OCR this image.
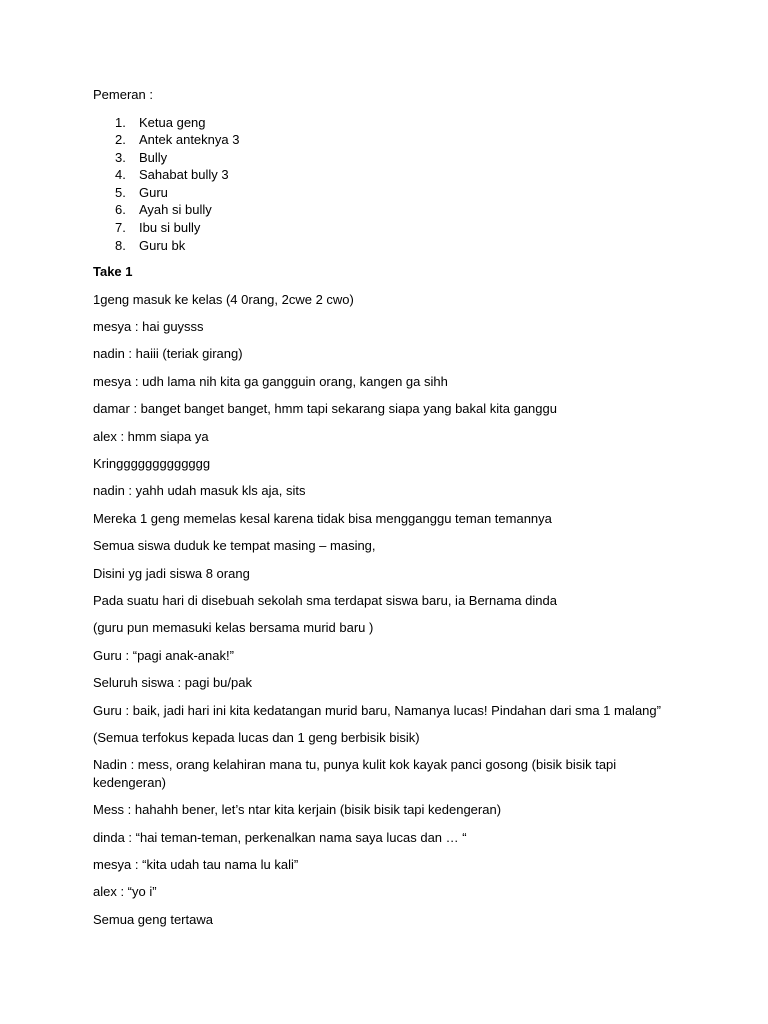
Pemeran :
1. Ketua geng
2. Antek anteknya 3
3. Bully
4. Sahabat bully 3
5. Guru
6. Ayah si bully
7. Ibu si bully
8. Guru bk
Take 1
1geng masuk ke kelas (4 0rang, 2cwe 2 cwo)
mesya : hai guysss
nadin : haiii (teriak girang)
mesya : udh lama nih kita ga gangguin orang, kangen ga sihh
damar : banget banget banget, hmm tapi sekarang siapa yang bakal kita ganggu
alex : hmm siapa ya
Kringgggggggggggg
nadin : yahh udah masuk kls aja, sits
Mereka 1 geng memelas kesal karena tidak bisa mengganggu teman temannya
Semua siswa duduk ke tempat masing – masing,
Disini yg jadi siswa 8 orang
Pada suatu hari di disebuah sekolah sma terdapat siswa baru, ia Bernama dinda
(guru pun memasuki kelas bersama murid baru )
Guru : “pagi anak-anak!”
Seluruh siswa : pagi bu/pak
Guru : baik, jadi hari ini kita kedatangan murid baru, Namanya lucas! Pindahan dari sma 1 malang”
(Semua terfokus kepada lucas dan 1 geng berbisik bisik)
Nadin : mess, orang kelahiran mana tu, punya kulit kok kayak panci gosong (bisik bisik tapi kedengeran)
Mess : hahahh bener, let’s ntar kita kerjain (bisik bisik tapi kedengeran)
dinda : “hai teman-teman, perkenalkan nama saya lucas dan … “
mesya : “kita udah tau nama lu kali”
alex : “yo i”
Semua geng tertawa
